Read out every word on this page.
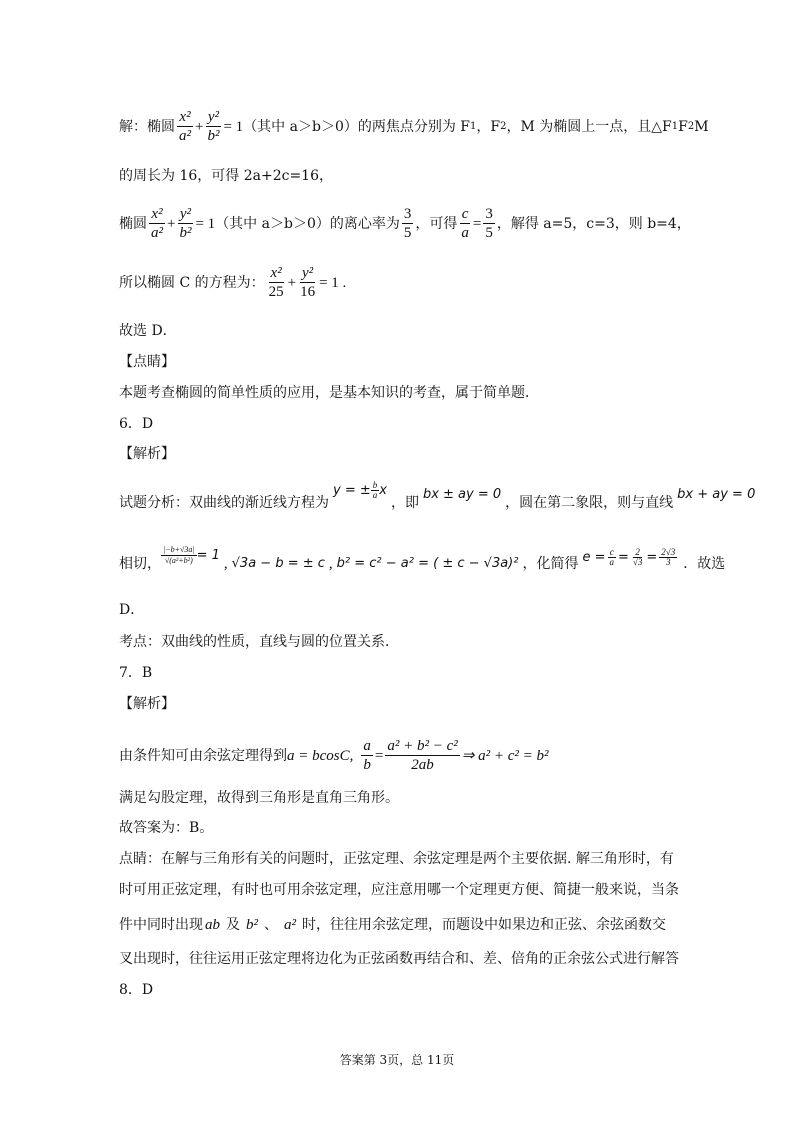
解：椭圆 $\frac{\text{x²}}{\text{a²}} + \frac{\text{y²}}{\text{b²}} = 1$ （其中 a＞b＞0）的两焦点分别为 F 1 ，F 2 ，M 为椭圆上一点，且△F 1 F 2 M
的周长为 16，可得 2a+2c=16，
椭圆 $\frac{\text{x²}}{\text{a²}} + \frac{\text{y²}}{\text{b²}} = 1$ （其中 a＞b＞0）的离心率为 $\frac{3}{5}$ ，可得 $\frac{c}{a} = \frac{3}{5}$ ，解得 a=5，c=3，则 b=4，
所以椭圆 C 的方程为： $\frac{\text{x²}}{25} + \frac{\text{y²}}{16} = 1$ .
故选 D．
【点睛】
本题考查椭圆的简单性质的应用，是基本知识的考查，属于简单题．
6．D
【解析】
试题分析：双曲线的渐近线方程为
y = ± $\frac{b}{a}$ x
，即
bx ± ay = 0
，圆在第二象限，则与直线
bx + ay = 0
相切， $\frac{|-b+√3a|}{\text{√(a²+b²)}} = 1$ , √3a − b = ± c , b² = c² − a² = ( ± c − √3a)² ，化简得 $e = \frac{c}{a} = \frac{2}{√3} = \frac{2√3}{3}$ ．故选
D．
考点：双曲线的性质，直线与圆的位置关系．
7．B
【解析】
由条件知可由余弦定理得到 a = bcosC , $\frac{a}{b} = \frac{\text{a² + b² − c²}}{2ab}$ ⇒ a² + c² = b²
满足勾股定理，故得到三角形是直角三角形。
故答案为：B。
点睛：在解与三角形有关的问题时，正弦定理、余弦定理是两个主要依据. 解三角形时，有
时可用正弦定理，有时也可用余弦定理，应注意用哪一个定理更方便、简捷一般来说，当条
件中同时出现 ab 及 b² 、 a² 时，往往用余弦定理，而题设中如果边和正弦、余弦函数交
叉出现时，往往运用正弦定理将边化为正弦函数再结合和、差、倍角的正余弦公式进行解答
8．D
答案第 3页，总 11页
